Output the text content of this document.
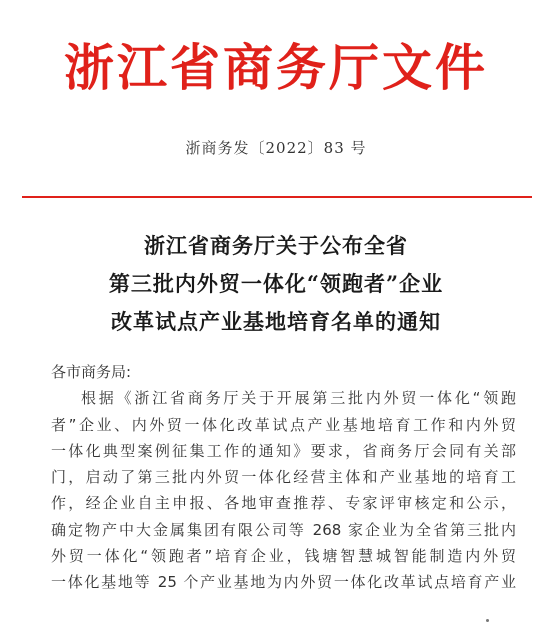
浙江省商务厅文件
浙商务发〔2022〕83 号
浙江省商务厅关于公布全省
第三批内外贸一体化“领跑者”企业
改革试点产业基地培育名单的通知
各市商务局:
根据《浙江省商务厅关于开展第三批内外贸一体化“领跑
者”企业、内外贸一体化改革试点产业基地培育工作和内外贸
一体化典型案例征集工作的通知》要求，省商务厅会同有关部
门，启动了第三批内外贸一体化经营主体和产业基地的培育工
作，经企业自主申报、各地审查推荐、专家评审核定和公示，
确定物产中大金属集团有限公司等 268 家企业为全省第三批内
外贸一体化“领跑者”培育企业，钱塘智慧城智能制造内外贸
一体化基地等 25 个产业基地为内外贸一体化改革试点培育产业
